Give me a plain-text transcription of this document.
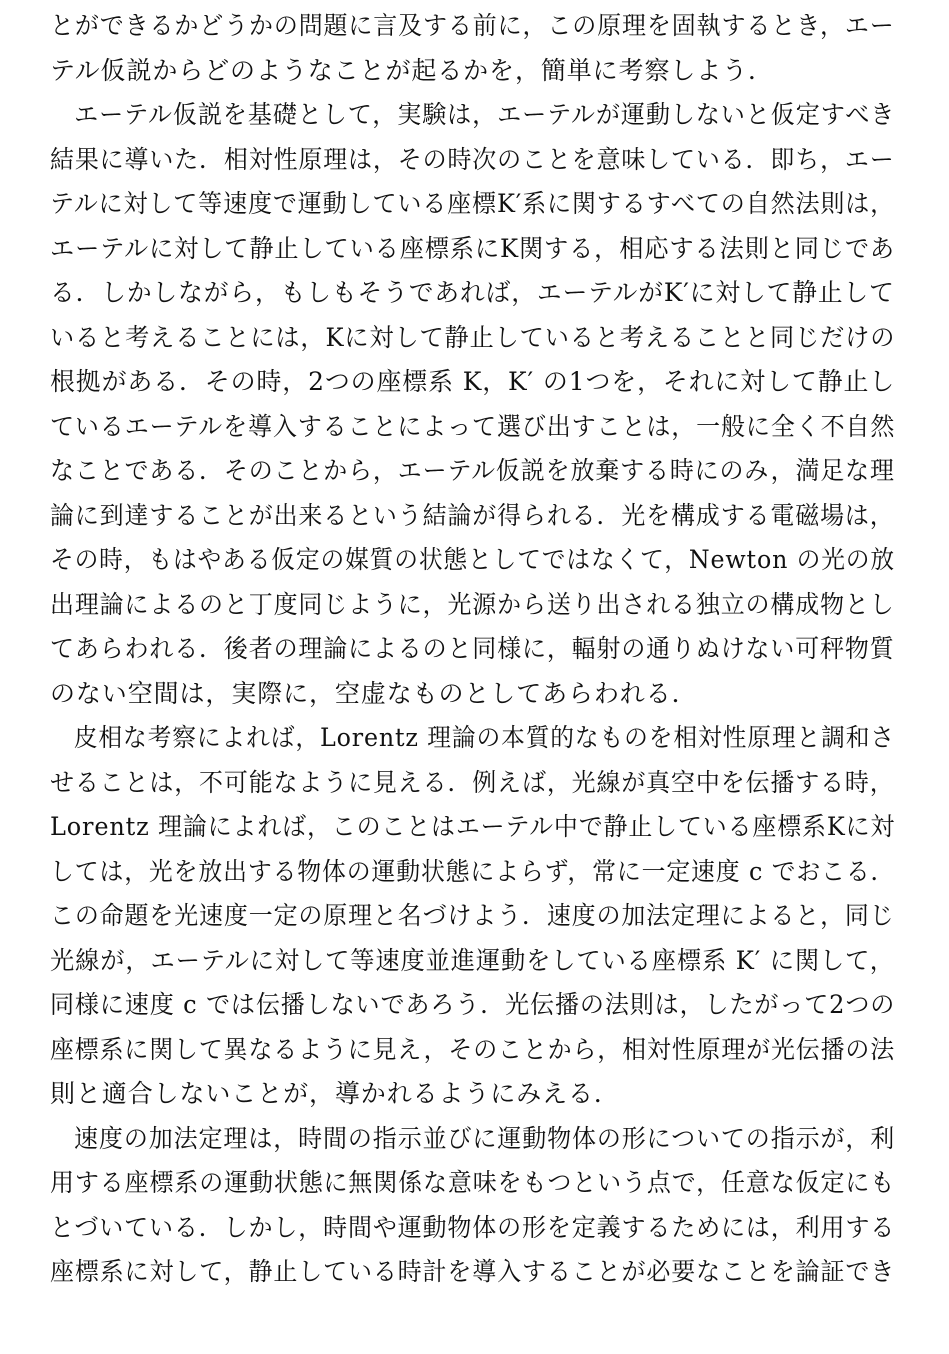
とができるかどうかの問題に言及する前に，この原理を固執するとき，エー
テル仮説からどのようなことが起るかを，簡単に考察しよう．
エーテル仮説を基礎として，実験は，エーテルが運動しないと仮定すべき
結果に導いた．相対性原理は，その時次のことを意味している．即ち，エー
テルに対して等速度で運動している座標K′系に関するすべての自然法則は，
エーテルに対して静止している座標系にK関する，相応する法則と同じであ
る．しかしながら，もしもそうであれば，エーテルがK′に対して静止して
いると考えることには，Kに対して静止していると考えることと同じだけの
根拠がある．その時，2つの座標系 K，K′ の1つを，それに対して静止し
ているエーテルを導入することによって選び出すことは，一般に全く不自然
なことである．そのことから，エーテル仮説を放棄する時にのみ，満足な理
論に到達することが出来るという結論が得られる．光を構成する電磁場は，
その時，もはやある仮定の媒質の状態としてではなくて，Newton の光の放
出理論によるのと丁度同じように，光源から送り出される独立の構成物とし
てあらわれる．後者の理論によるのと同様に，輻射の通りぬけない可秤物質
のない空間は，実際に，空虚なものとしてあらわれる．
皮相な考察によれば，Lorentz 理論の本質的なものを相対性原理と調和さ
せることは，不可能なように見える．例えば，光線が真空中を伝播する時，
Lorentz 理論によれば，このことはエーテル中で静止している座標系Kに対
しては，光を放出する物体の運動状態によらず，常に一定速度 c でおこる．
この命題を光速度一定の原理と名づけよう．速度の加法定理によると，同じ
光線が，エーテルに対して等速度並進運動をしている座標系 K′ に関して，
同様に速度 c では伝播しないであろう．光伝播の法則は，したがって2つの
座標系に関して異なるように見え，そのことから，相対性原理が光伝播の法
則と適合しないことが，導かれるようにみえる．
速度の加法定理は，時間の指示並びに運動物体の形についての指示が，利
用する座標系の運動状態に無関係な意味をもつという点で，任意な仮定にも
とづいている．しかし，時間や運動物体の形を定義するためには，利用する
座標系に対して，静止している時計を導入することが必要なことを論証でき
